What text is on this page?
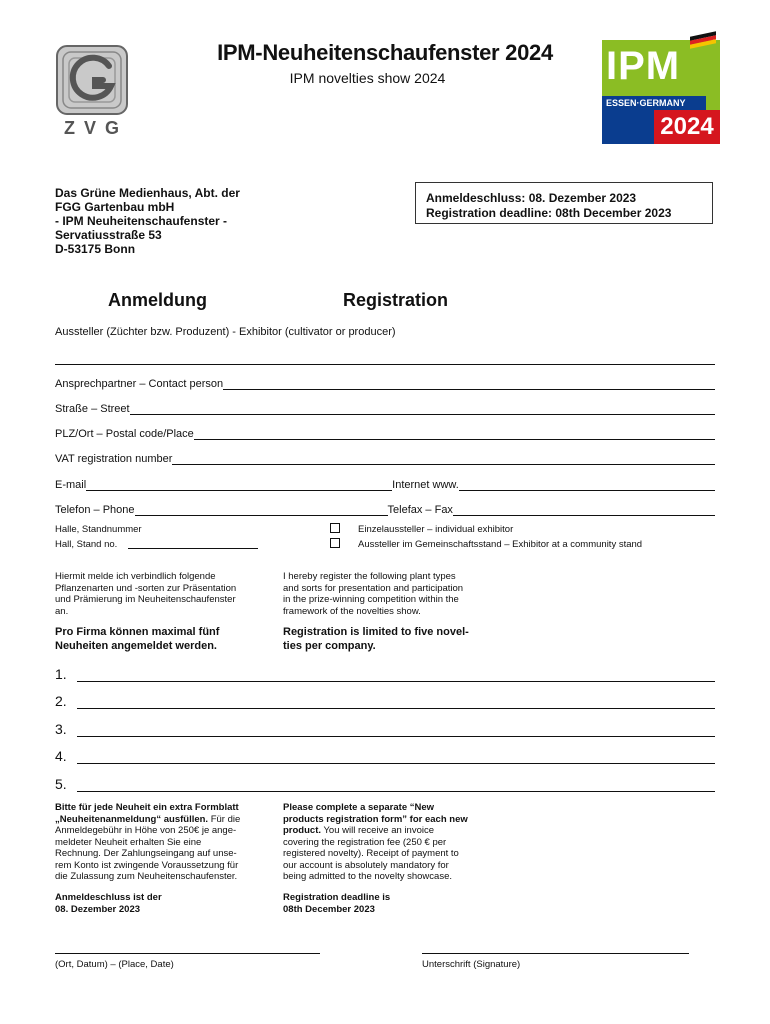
Z V G
IPM-Neuheitenschaufenster 2024
IPM novelties show 2024	IPM
ESSEN·GERMANY
2024
Das Grüne Medienhaus, Abt. der
FGG Gartenbau mbH
- IPM Neuheitenschaufenster -
Servatiusstraße 53
D-53175 Bonn
Anmeldeschluss: 08. Dezember 2023
Registration deadline: 08th December 2023
Anmeldung	Registration
Aussteller (Züchter bzw. Produzent) - Exhibitor (cultivator or producer)
Ansprechpartner – Contact person
Straße – Street
PLZ/Ort – Postal code/Place
VAT registration number
E-mail	Internet www.
Telefon – Phone	Telefax – Fax
Halle, Standnummer
Hall, Stand no.
Einzelaussteller – individual exhibitor
Aussteller im Gemeinschaftsstand – Exhibitor at a community stand
Hiermit melde ich verbindlich folgende
Pflanzenarten und -sorten zur Präsentation
und Prämierung im Neuheitenschaufenster
an.
I hereby register the following plant types
and sorts for presentation and participation
in the prize-winning competition within the
framework of the novelties show.
Pro Firma können maximal fünf
Neuheiten angemeldet werden.
Registration is limited to five novel-
ties per company.
1.
2.
3.
4.
5.
Bitte für jede Neuheit ein extra Formblatt
„Neuheitenanmeldung“ ausfüllen. Für die
Anmeldegebühr in Höhe von 250€ je ange-
meldeter Neuheit erhalten Sie eine
Rechnung. Der Zahlungseingang auf unse-
rem Konto ist zwingende Voraussetzung für
die Zulassung zum Neuheitenschaufenster.
Please complete a separate “New
products registration form” for each new
product. You will receive an invoice
covering the registration fee (250 € per
registered novelty). Receipt of payment to
our account is absolutely mandatory for
being admitted to the novelty showcase.
Anmeldeschluss ist der
08. Dezember 2023
Registration deadline is
08th December 2023
(Ort, Datum) – (Place, Date)	Unterschrift (Signature)
